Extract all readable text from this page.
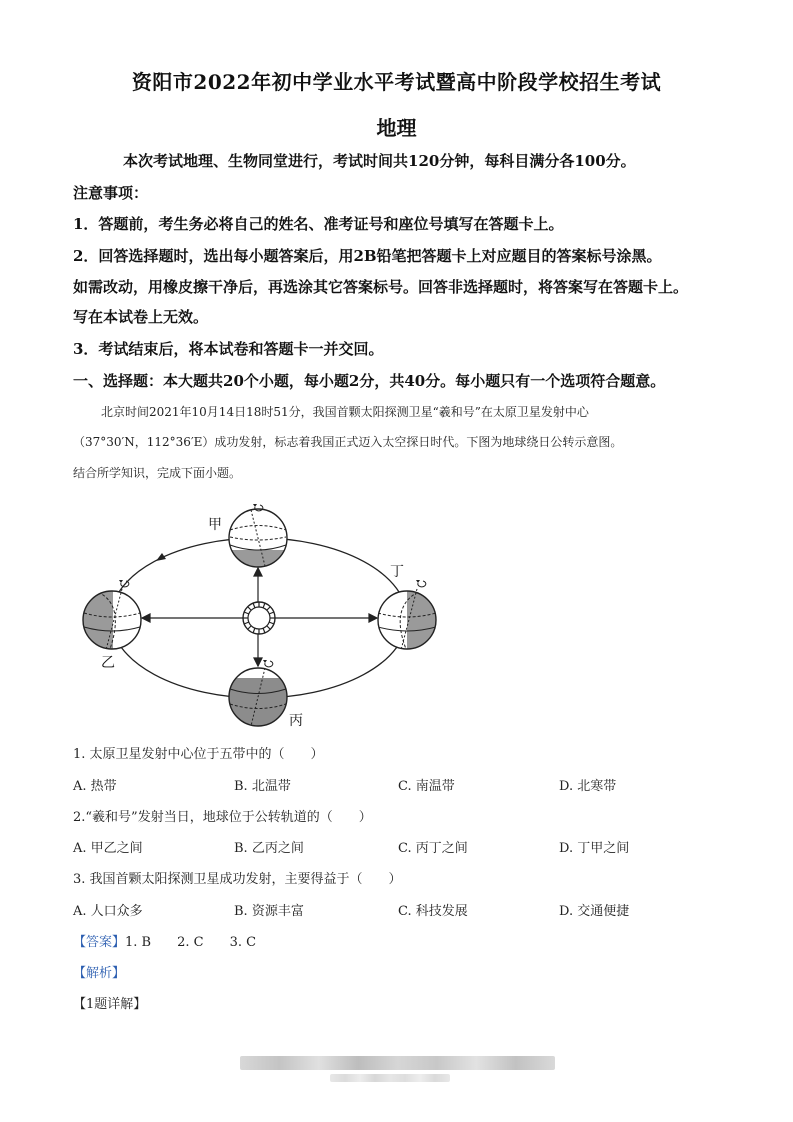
资阳市2022年初中学业水平考试暨高中阶段学校招生考试
地理
本次考试地理、生物同堂进行，考试时间共120分钟，每科目满分各100分。
注意事项：
1．答题前，考生务必将自己的姓名、准考证号和座位号填写在答题卡上。
2．回答选择题时，选出每小题答案后，用2B铅笔把答题卡上对应题目的答案标号涂黑。
如需改动，用橡皮擦干净后，再选涂其它答案标号。回答非选择题时，将答案写在答题卡上。
写在本试卷上无效。
3．考试结束后，将本试卷和答题卡一并交回。
一、选择题：本大题共20个小题，每小题2分，共40分。每小题只有一个选项符合题意。
北京时间2021年10月14日18时51分，我国首颗太阳探测卫星“羲和号”在太原卫星发射中心
（37°30′N，112°36′E）成功发射，标志着我国正式迈入太空探日时代。下图为地球绕日公转示意图。
结合所学知识，完成下面小题。
甲
乙
丁
丙
1. 太原卫星发射中心位于五带中的（　　）
A. 热带	B. 北温带	C. 南温带	D. 北寒带
2.“羲和号”发射当日，地球位于公转轨道的（　　）
A. 甲乙之间	B. 乙丙之间	C. 丙丁之间	D. 丁甲之间
3. 我国首颗太阳探测卫星成功发射，主要得益于（　　）
A. 人口众多	B. 资源丰富	C. 科技发展	D. 交通便捷
【答案】1. B　　2. C　　3. C
【解析】
【1题详解】
